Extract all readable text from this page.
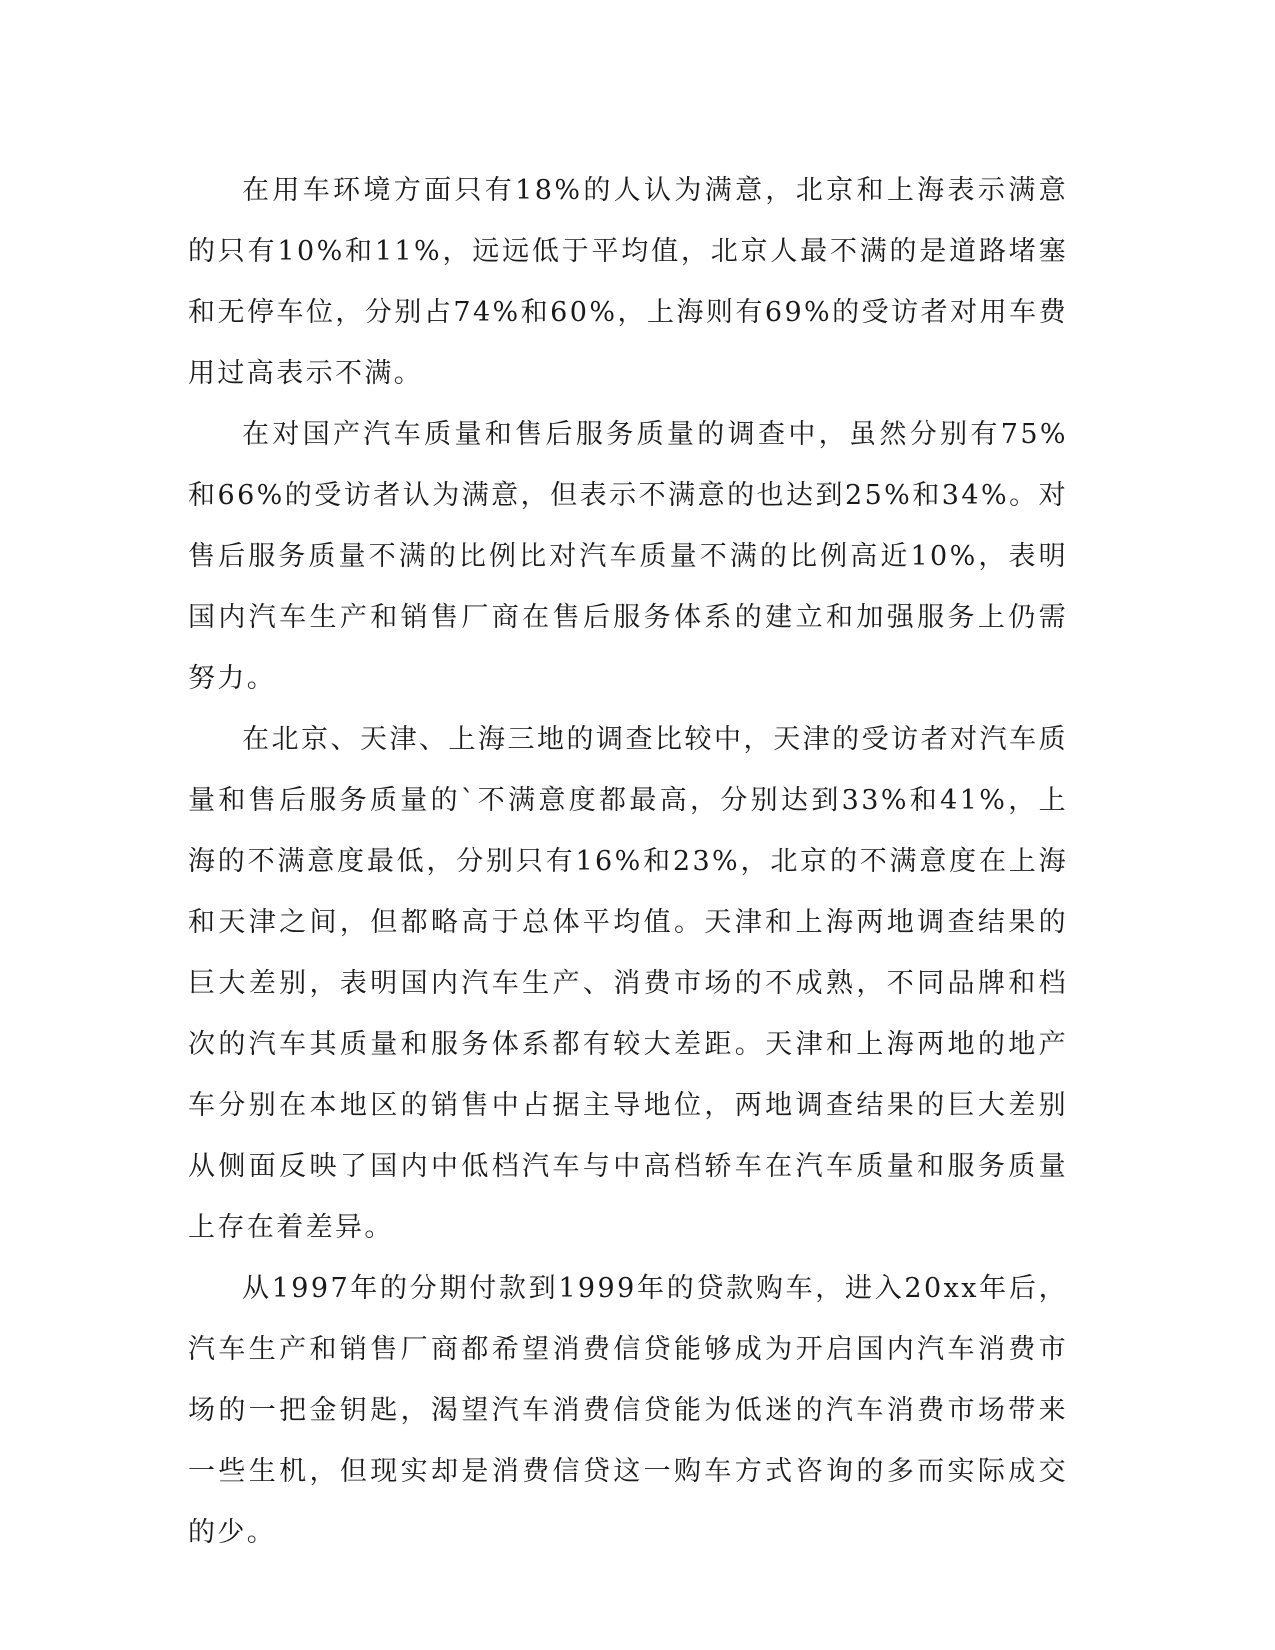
在用车环境方面只有18%的人认为满意，北京和上海表示满意的只有10%和11%，远远低于平均值，北京人最不满的是道路堵塞和无停车位，分别占74%和60%，上海则有69%的受访者对用车费用过高表示不满。

在对国产汽车质量和售后服务质量的调查中，虽然分别有75%和66%的受访者认为满意，但表示不满意的也达到25%和34%。对售后服务质量不满的比例比对汽车质量不满的比例高近10%，表明国内汽车生产和销售厂商在售后服务体系的建立和加强服务上仍需努力。

在北京、天津、上海三地的调查比较中，天津的受访者对汽车质量和售后服务质量的`不满意度都最高，分别达到33%和41%，上海的不满意度最低，分别只有16%和23%，北京的不满意度在上海和天津之间，但都略高于总体平均值。天津和上海两地调查结果的巨大差别，表明国内汽车生产、消费市场的不成熟，不同品牌和档次的汽车其质量和服务体系都有较大差距。天津和上海两地的地产车分别在本地区的销售中占据主导地位，两地调查结果的巨大差别从侧面反映了国内中低档汽车与中高档轿车在汽车质量和服务质量上存在着差异。

从1997年的分期付款到1999年的贷款购车，进入20xx年后，汽车生产和销售厂商都希望消费信贷能够成为开启国内汽车消费市场的一把金钥匙，渴望汽车消费信贷能为低迷的汽车消费市场带来一些生机，但现实却是消费信贷这一购车方式咨询的多而实际成交的少。
